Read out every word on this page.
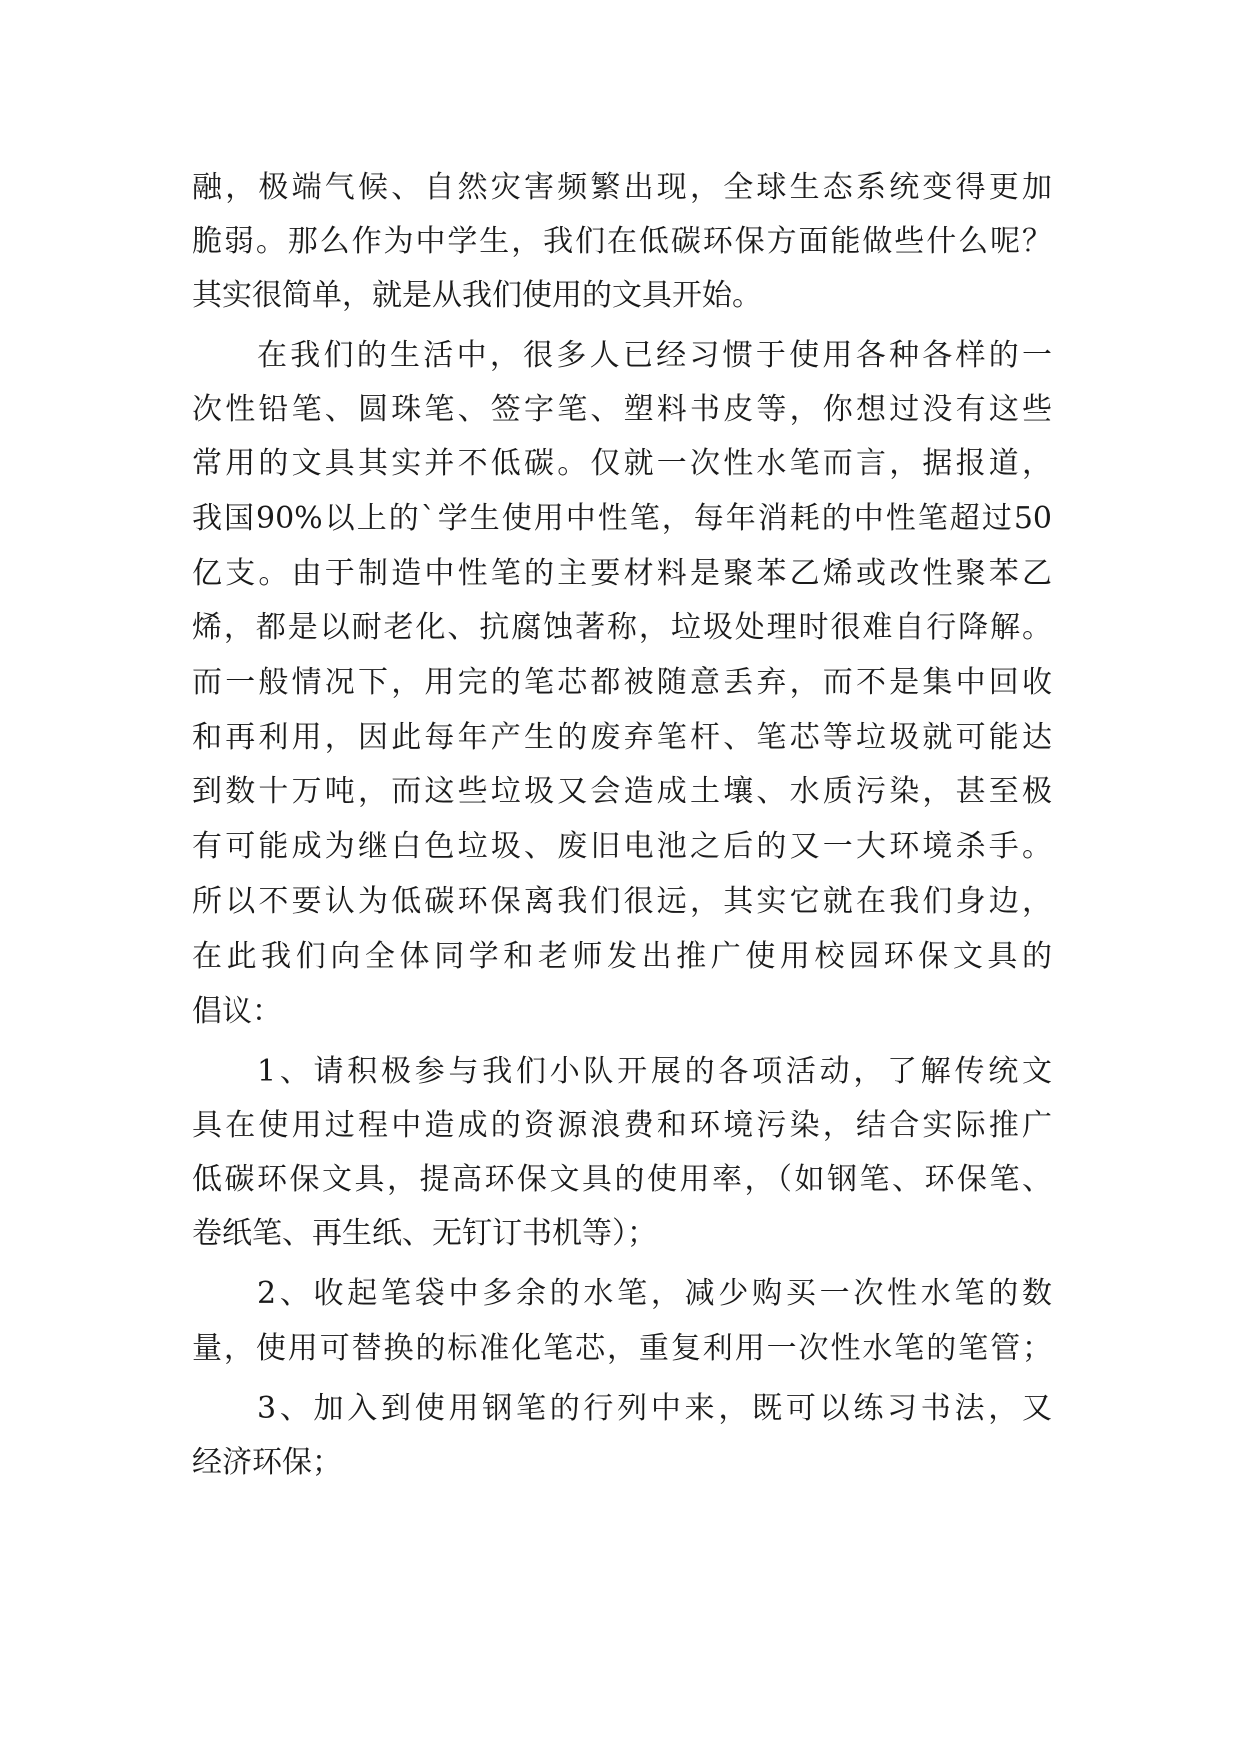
融，极端气候、自然灾害频繁出现，全球生态系统变得更加
脆弱。那么作为中学生，我们在低碳环保方面能做些什么呢？
其实很简单，就是从我们使用的文具开始。
在我们的生活中，很多人已经习惯于使用各种各样的一
次性铅笔、圆珠笔、签字笔、塑料书皮等，你想过没有这些
常用的文具其实并不低碳。仅就一次性水笔而言，据报道，
我国90%以上的`学生使用中性笔，每年消耗的中性笔超过50
亿支。由于制造中性笔的主要材料是聚苯乙烯或改性聚苯乙
烯，都是以耐老化、抗腐蚀著称，垃圾处理时很难自行降解。
而一般情况下，用完的笔芯都被随意丢弃，而不是集中回收
和再利用，因此每年产生的废弃笔杆、笔芯等垃圾就可能达
到数十万吨，而这些垃圾又会造成土壤、水质污染，甚至极
有可能成为继白色垃圾、废旧电池之后的又一大环境杀手。
所以不要认为低碳环保离我们很远，其实它就在我们身边，
在此我们向全体同学和老师发出推广使用校园环保文具的
倡议：
1、请积极参与我们小队开展的各项活动，了解传统文
具在使用过程中造成的资源浪费和环境污染，结合实际推广
低碳环保文具，提高环保文具的使用率，（如钢笔、环保笔、
卷纸笔、再生纸、无钉订书机等）；
2、收起笔袋中多余的水笔，减少购买一次性水笔的数
量，使用可替换的标准化笔芯，重复利用一次性水笔的笔管；
3、加入到使用钢笔的行列中来，既可以练习书法，又
经济环保；
